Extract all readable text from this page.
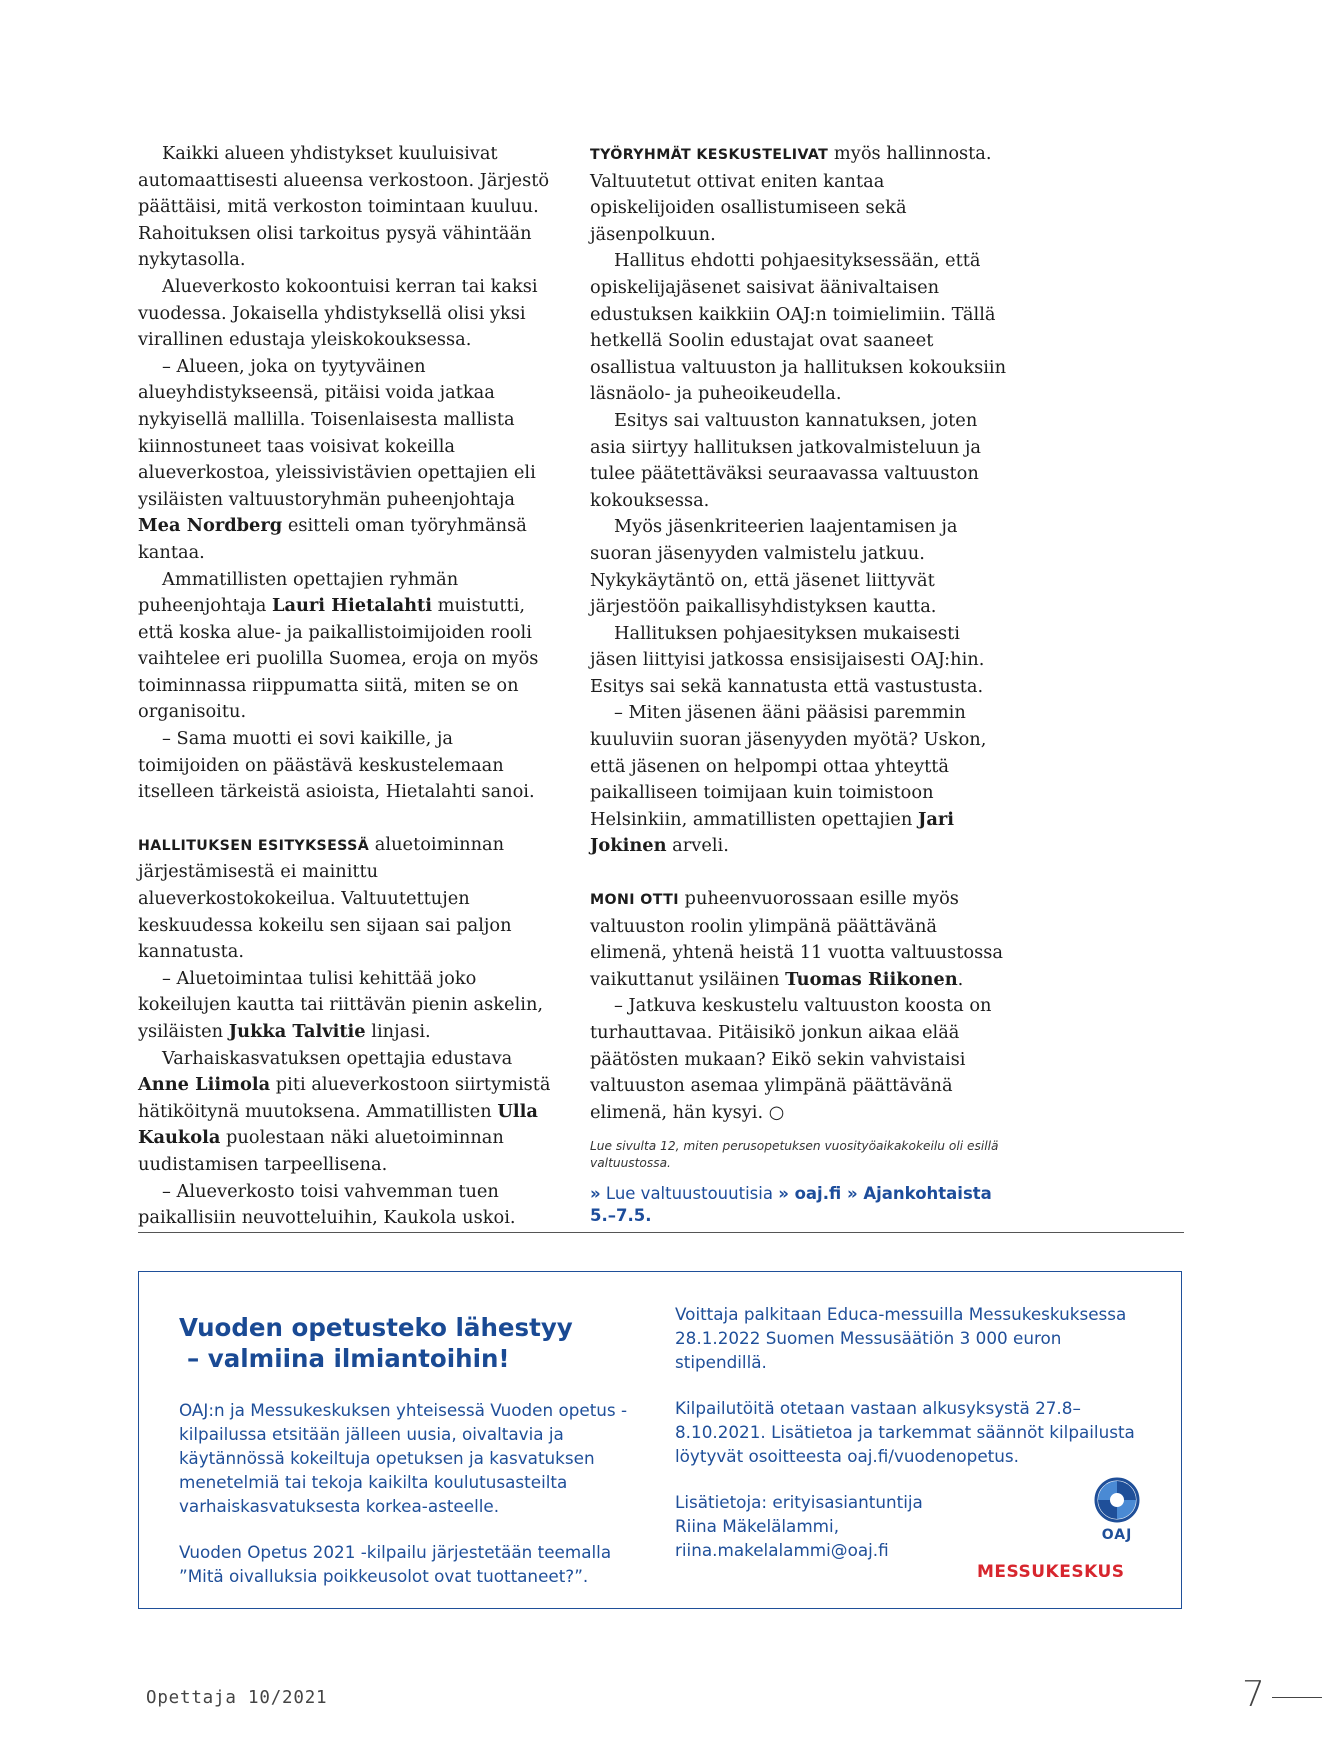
Kaikki alueen yhdistykset kuuluisivat automaattisesti alueensa verkostoon. Järjestö päättäisi, mitä verkoston toimintaan kuuluu. Rahoituksen olisi tarkoitus pysyä vähintään nykytasolla.

Alueverkosto kokoontuisi kerran tai kaksi vuodessa. Jokaisella yhdistyksellä olisi yksi virallinen edustaja yleiskokouksessa.

– Alueen, joka on tyytyväinen alueyhdistykseensä, pitäisi voida jatkaa nykyisellä mallilla. Toisenlaisesta mallista kiinnostuneet taas voisivat kokeilla alueverkostoa, yleissivistävien opettajien eli ysiläisten valtuustoryhmän puheenjohtaja Mea Nordberg esitteli oman työryhmänsä kantaa.

Ammatillisten opettajien ryhmän puheenjohtaja Lauri Hietalahti muistutti, että koska alue- ja paikallistoimijoiden rooli vaihtelee eri puolilla Suomea, eroja on myös toiminnassa riippumatta siitä, miten se on organisoitu.

– Sama muotti ei sovi kaikille, ja toimijoiden on päästävä keskustelemaan itselleen tärkeistä asioista, Hietalahti sanoi.

HALLITUKSEN ESITYKSESSÄ aluetoiminnan järjestämisestä ei mainittu alueverkostokokeilua. Valtuutettujen keskuudessa kokeilu sen sijaan sai paljon kannatusta.

– Aluetoimintaa tulisi kehittää joko kokeilujen kautta tai riittävän pienin askelin, ysiläisten Jukka Talvitie linjasi.

Varhaiskasvatuksen opettajia edustava Anne Liimola piti alueverkostoon siirtymistä hätiköitynä muutoksena. Ammatillisten Ulla Kaukola puolestaan näki aluetoiminnan uudistamisen tarpeellisena.

– Alueverkosto toisi vahvemman tuen paikallisiin neuvotteluihin, Kaukola uskoi.

TYÖRYHMÄT KESKUSTELIVAT myös hallinnosta. Valtuutetut ottivat eniten kantaa opiskelijoiden osallistumiseen sekä jäsenpolkuun.

Hallitus ehdotti pohjaesityksessään, että opiskelijajäsenet saisivat äänivaltaisen edustuksen kaikkiin OAJ:n toimielimiin. Tällä hetkellä Soolin edustajat ovat saaneet osallistua valtuuston ja hallituksen kokouksiin läsnäolo- ja puheoikeudella.

Esitys sai valtuuston kannatuksen, joten asia siirtyy hallituksen jatkovalmisteluun ja tulee päätettäväksi seuraavassa valtuuston kokouksessa.

Myös jäsenkriteerien laajentamisen ja suoran jäsenyyden valmistelu jatkuu. Nykykäytäntö on, että jäsenet liittyvät järjestöön paikallisyhdistyksen kautta.

Hallituksen pohjaesityksen mukaisesti jäsen liittyisi jatkossa ensisijaisesti OAJ:hin. Esitys sai sekä kannatusta että vastustusta.

– Miten jäsenen ääni pääsisi paremmin kuuluviin suoran jäsenyyden myötä? Uskon, että jäsenen on helpompi ottaa yhteyttä paikalliseen toimijaan kuin toimistoon Helsinkiin, ammatillisten opettajien Jari Jokinen arveli.

MONI OTTI puheenvuorossaan esille myös valtuuston roolin ylimpänä päättävänä elimenä, yhtenä heistä 11 vuotta valtuustossa vaikuttanut ysiläinen Tuomas Riikonen.

– Jatkuva keskustelu valtuuston koosta on turhauttavaa. Pitäisikö jonkun aikaa elää päätösten mukaan? Eikö sekin vahvistaisi valtuuston asemaa ylimpänä päättävänä elimenä, hän kysyi. ○

Lue sivulta 12, miten perusopetuksen vuosityöaikakokeilu oli esillä valtuustossa.
» Lue valtuustouutisia » oaj.fi » Ajankohtaista 5.–7.5.
Vuoden opetusteko lähestyy
– valmiina ilmiantoihin!

OAJ:n ja Messukeskuksen yhteisessä Vuoden opetus -kilpailussa etsitään jälleen uusia, oivaltavia ja käytännössä kokeiltuja opetuksen ja kasvatuksen menetelmiä tai tekoja kaikilta koulutusasteilta varhaiskasvatuksesta korkea-asteelle.

Vuoden Opetus 2021 -kilpailu järjestetään teemalla ”Mitä oivalluksia poikkeusolot ovat tuottaneet?”.

Voittaja palkitaan Educa-messuilla Messukeskuksessa 28.1.2022 Suomen Messusäätiön 3 000 euron stipendillä.

Kilpailutöitä otetaan vastaan alkusyksystä 27.8–8.10.2021. Lisätietoa ja tarkemmat säännöt kilpailusta löytyvät osoitteesta oaj.fi/vuodenopetus.

Lisätietoja: erityisasiantuntija
Riina Mäkelälammi,
riina.makelalammi@oaj.fi

OAJ
MESSUKESKUS
Opettaja 10/2021	7
